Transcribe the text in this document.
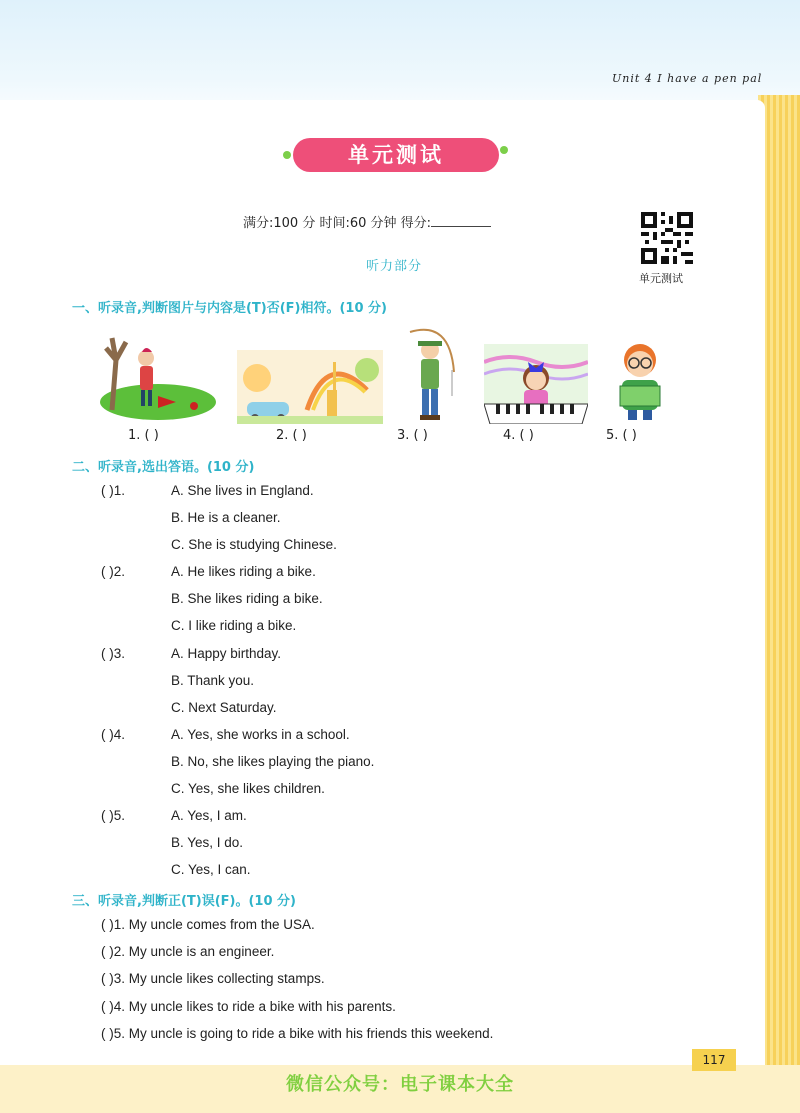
Unit 4 I have a pen pal
单元测试
满分:100 分 时间:60 分钟 得分:
单元测试
听力部分
一、听录音,判断图片与内容是(T)否(F)相符。(10 分)
1. ( )	2. ( )	3. ( )	4. ( )	5. ( )
二、听录音,选出答语。(10 分)
( )1.	A. She lives in England.
B. He is a cleaner.
C. She is studying Chinese.
( )2.	A. He likes riding a bike.
B. She likes riding a bike.
C. I like riding a bike.
( )3.	A. Happy birthday.
B. Thank you.
C. Next Saturday.
( )4.	A. Yes, she works in a school.
B. No, she likes playing the piano.
C. Yes, she likes children.
( )5.	A. Yes, I am.
B. Yes, I do.
C. Yes, I can.
三、听录音,判断正(T)误(F)。(10 分)
( )1. My uncle comes from the USA.
( )2. My uncle is an engineer.
( )3. My uncle likes collecting stamps.
( )4. My uncle likes to ride a bike with his parents.
( )5. My uncle is going to ride a bike with his friends this weekend.
117
微信公众号：电子课本大全
